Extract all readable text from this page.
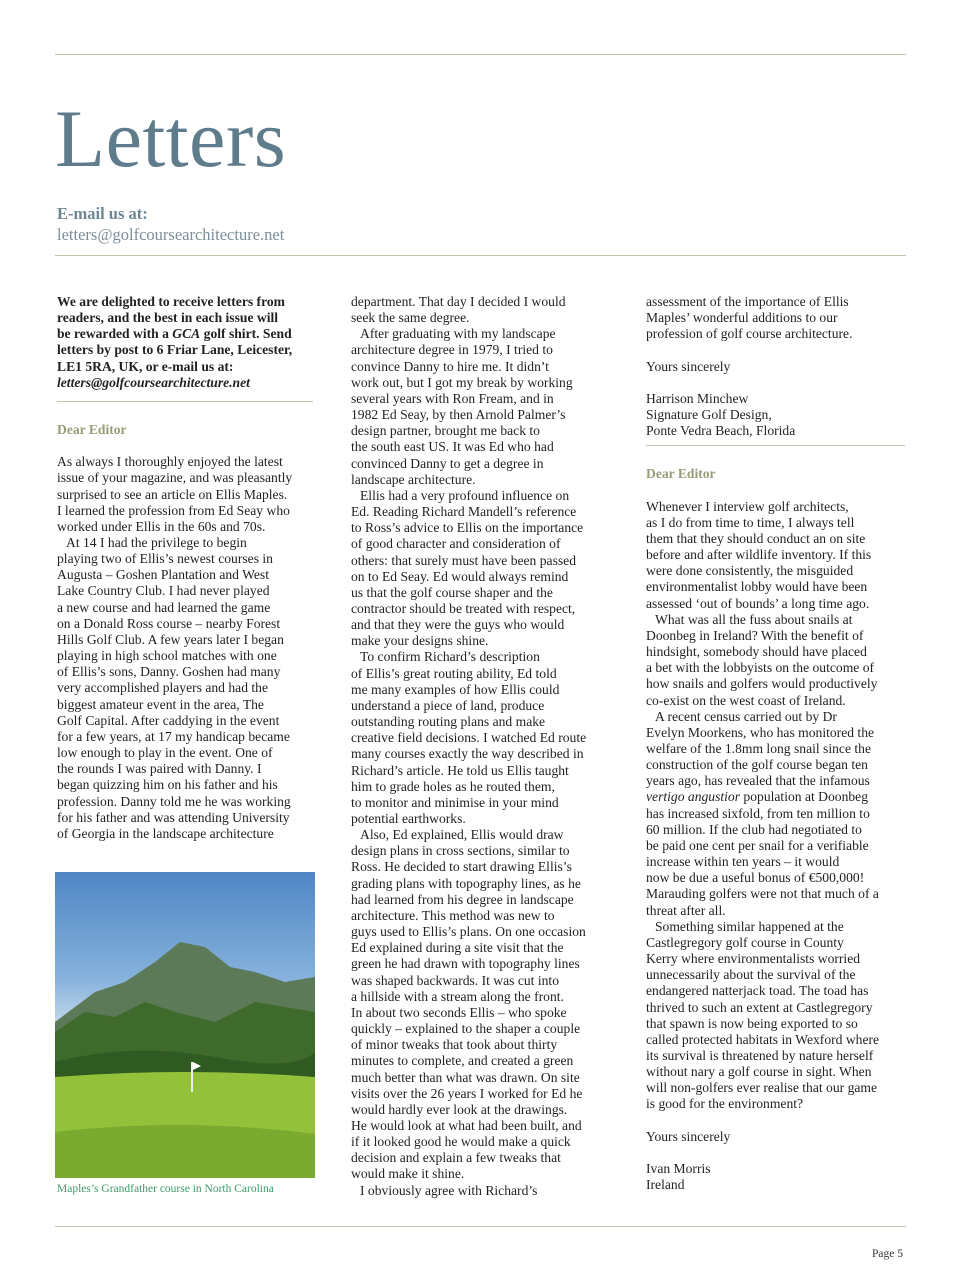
Letters
E-mail us at:
letters@golfcoursearchitecture.net

We are delighted to receive letters from
readers, and the best in each issue will
be rewarded with a GCA golf shirt. Send
letters by post to 6 Friar Lane, Leicester,
LE1 5RA, UK, or e-mail us at:
letters@golfcoursearchitecture.net

Dear Editor

As always I thoroughly enjoyed the latest
issue of your magazine, and was pleasantly
surprised to see an article on Ellis Maples.
I learned the profession from Ed Seay who
worked under Ellis in the 60s and 70s.

At 14 I had the privilege to begin
playing two of Ellis’s newest courses in
Augusta – Goshen Plantation and West
Lake Country Club. I had never played
a new course and had learned the game
on a Donald Ross course – nearby Forest
Hills Golf Club. A few years later I began
playing in high school matches with one
of Ellis’s sons, Danny. Goshen had many
very accomplished players and had the
biggest amateur event in the area, The
Golf Capital. After caddying in the event
for a few years, at 17 my handicap became
low enough to play in the event. One of
the rounds I was paired with Danny. I
began quizzing him on his father and his
profession. Danny told me he was working
for his father and was attending University
of Georgia in the landscape architecture

Maples’s Grandfather course in North Carolina

department. That day I decided I would
seek the same degree.

After graduating with my landscape
architecture degree in 1979, I tried to
convince Danny to hire me. It didn’t
work out, but I got my break by working
several years with Ron Fream, and in
1982 Ed Seay, by then Arnold Palmer’s
design partner, brought me back to
the south east US. It was Ed who had
convinced Danny to get a degree in
landscape architecture.

Ellis had a very profound influence on
Ed. Reading Richard Mandell’s reference
to Ross’s advice to Ellis on the importance
of good character and consideration of
others: that surely must have been passed
on to Ed Seay. Ed would always remind
us that the golf course shaper and the
contractor should be treated with respect,
and that they were the guys who would
make your designs shine.

To confirm Richard’s description
of Ellis’s great routing ability, Ed told
me many examples of how Ellis could
understand a piece of land, produce
outstanding routing plans and make
creative field decisions. I watched Ed route
many courses exactly the way described in
Richard’s article. He told us Ellis taught
him to grade holes as he routed them,
to monitor and minimise in your mind
potential earthworks.

Also, Ed explained, Ellis would draw
design plans in cross sections, similar to
Ross. He decided to start drawing Ellis’s
grading plans with topography lines, as he
had learned from his degree in landscape
architecture. This method was new to
guys used to Ellis’s plans. On one occasion
Ed explained during a site visit that the
green he had drawn with topography lines
was shaped backwards. It was cut into
a hillside with a stream along the front.
In about two seconds Ellis – who spoke
quickly – explained to the shaper a couple
of minor tweaks that took about thirty
minutes to complete, and created a green
much better than what was drawn. On site
visits over the 26 years I worked for Ed he
would hardly ever look at the drawings.
He would look at what had been built, and
if it looked good he would make a quick
decision and explain a few tweaks that
would make it shine.

I obviously agree with Richard’s

assessment of the importance of Ellis
Maples’ wonderful additions to our
profession of golf course architecture.

Yours sincerely

Harrison Minchew
Signature Golf Design,
Ponte Vedra Beach, Florida

Dear Editor

Whenever I interview golf architects,
as I do from time to time, I always tell
them that they should conduct an on site
before and after wildlife inventory. If this
were done consistently, the misguided
environmentalist lobby would have been
assessed ‘out of bounds’ a long time ago.

What was all the fuss about snails at
Doonbeg in Ireland? With the benefit of
hindsight, somebody should have placed
a bet with the lobbyists on the outcome of
how snails and golfers would productively
co-exist on the west coast of Ireland.

A recent census carried out by Dr
Evelyn Moorkens, who has monitored the
welfare of the 1.8mm long snail since the
construction of the golf course began ten
years ago, has revealed that the infamous
vertigo angustior population at Doonbeg
has increased sixfold, from ten million to
60 million. If the club had negotiated to
be paid one cent per snail for a verifiable
increase within ten years – it would
now be due a useful bonus of €500,000!
Marauding golfers were not that much of a
threat after all.

Something similar happened at the
Castlegregory golf course in County
Kerry where environmentalists worried
unnecessarily about the survival of the
endangered natterjack toad. The toad has
thrived to such an extent at Castlegregory
that spawn is now being exported to so
called protected habitats in Wexford where
its survival is threatened by nature herself
without nary a golf course in sight. When
will non-golfers ever realise that our game
is good for the environment?

Yours sincerely

Ivan Morris
Ireland

Page 5
